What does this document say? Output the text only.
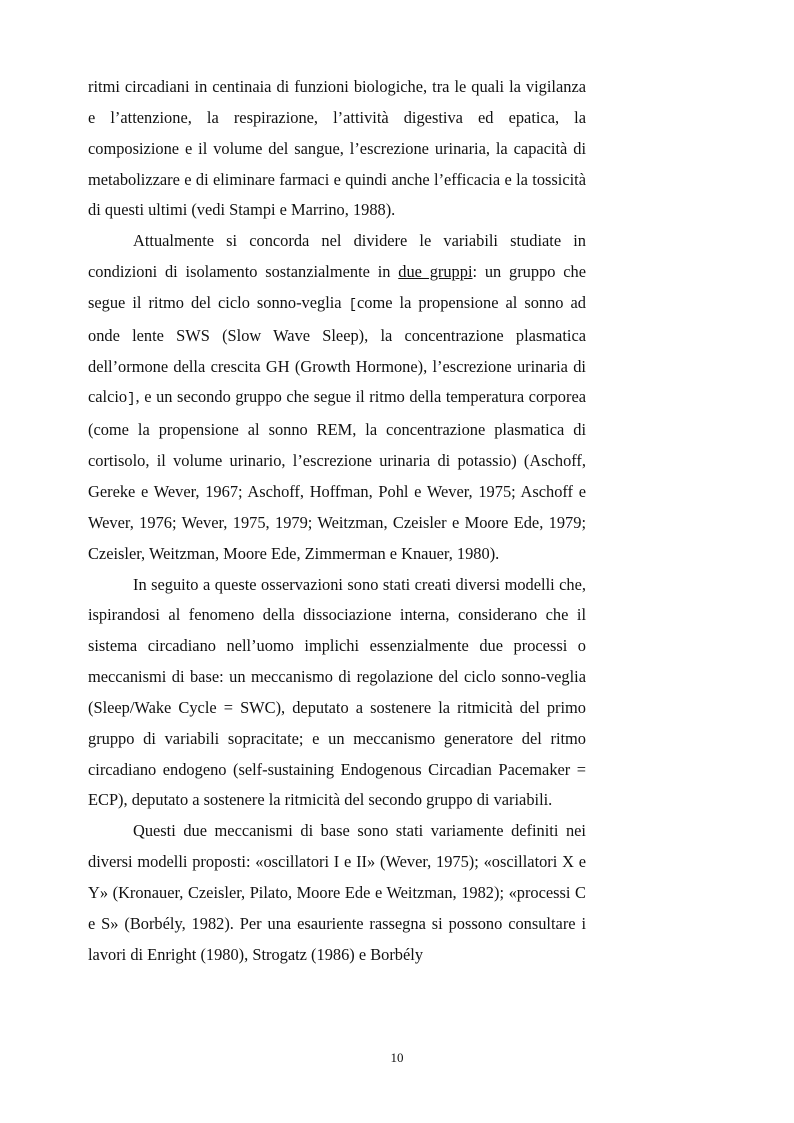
ritmi circadiani in centinaia di funzioni biologiche, tra le quali la vigilanza e l’attenzione, la respirazione, l’attività digestiva ed epatica, la composizione e il volume del sangue, l’escrezione urinaria, la capacità di metabolizzare e di eliminare farmaci e quindi anche l’efficacia e la tossicità di questi ultimi (vedi Stampi e Marrino, 1988).

Attualmente si concorda nel dividere le variabili studiate in condizioni di isolamento sostanzialmente in due gruppi: un gruppo che segue il ritmo del ciclo sonno-veglia [come la propensione al sonno ad onde lente SWS (Slow Wave Sleep), la concentrazione plasmatica dell’ormone della crescita GH (Growth Hormone), l’escrezione urinaria di calcio], e un secondo gruppo che segue il ritmo della temperatura corporea (come la propensione al sonno REM, la concentrazione plasmatica di cortisolo, il volume urinario, l’escrezione urinaria di potassio) (Aschoff, Gereke e Wever, 1967; Aschoff, Hoffman, Pohl e Wever, 1975; Aschoff e Wever, 1976; Wever, 1975, 1979; Weitzman, Czeisler e Moore Ede, 1979; Czeisler, Weitzman, Moore Ede, Zimmerman e Knauer, 1980).

In seguito a queste osservazioni sono stati creati diversi modelli che, ispirandosi al fenomeno della dissociazione interna, considerano che il sistema circadiano nell’uomo implichi essenzialmente due processi o meccanismi di base: un meccanismo di regolazione del ciclo sonno-veglia (Sleep/Wake Cycle = SWC), deputato a sostenere la ritmicità del primo gruppo di variabili sopracitate; e un meccanismo generatore del ritmo circadiano endogeno (self-sustaining Endogenous Circadian Pacemaker = ECP), deputato a sostenere la ritmicità del secondo gruppo di variabili.

Questi due meccanismi di base sono stati variamente definiti nei diversi modelli proposti: «oscillatori I e II» (Wever, 1975); «oscillatori X e Y» (Kronauer, Czeisler, Pilato, Moore Ede e Weitzman, 1982); «processi C e S» (Borbély, 1982). Per una esauriente rassegna si possono consultare i lavori di Enright (1980), Strogatz (1986) e Borbély

10
